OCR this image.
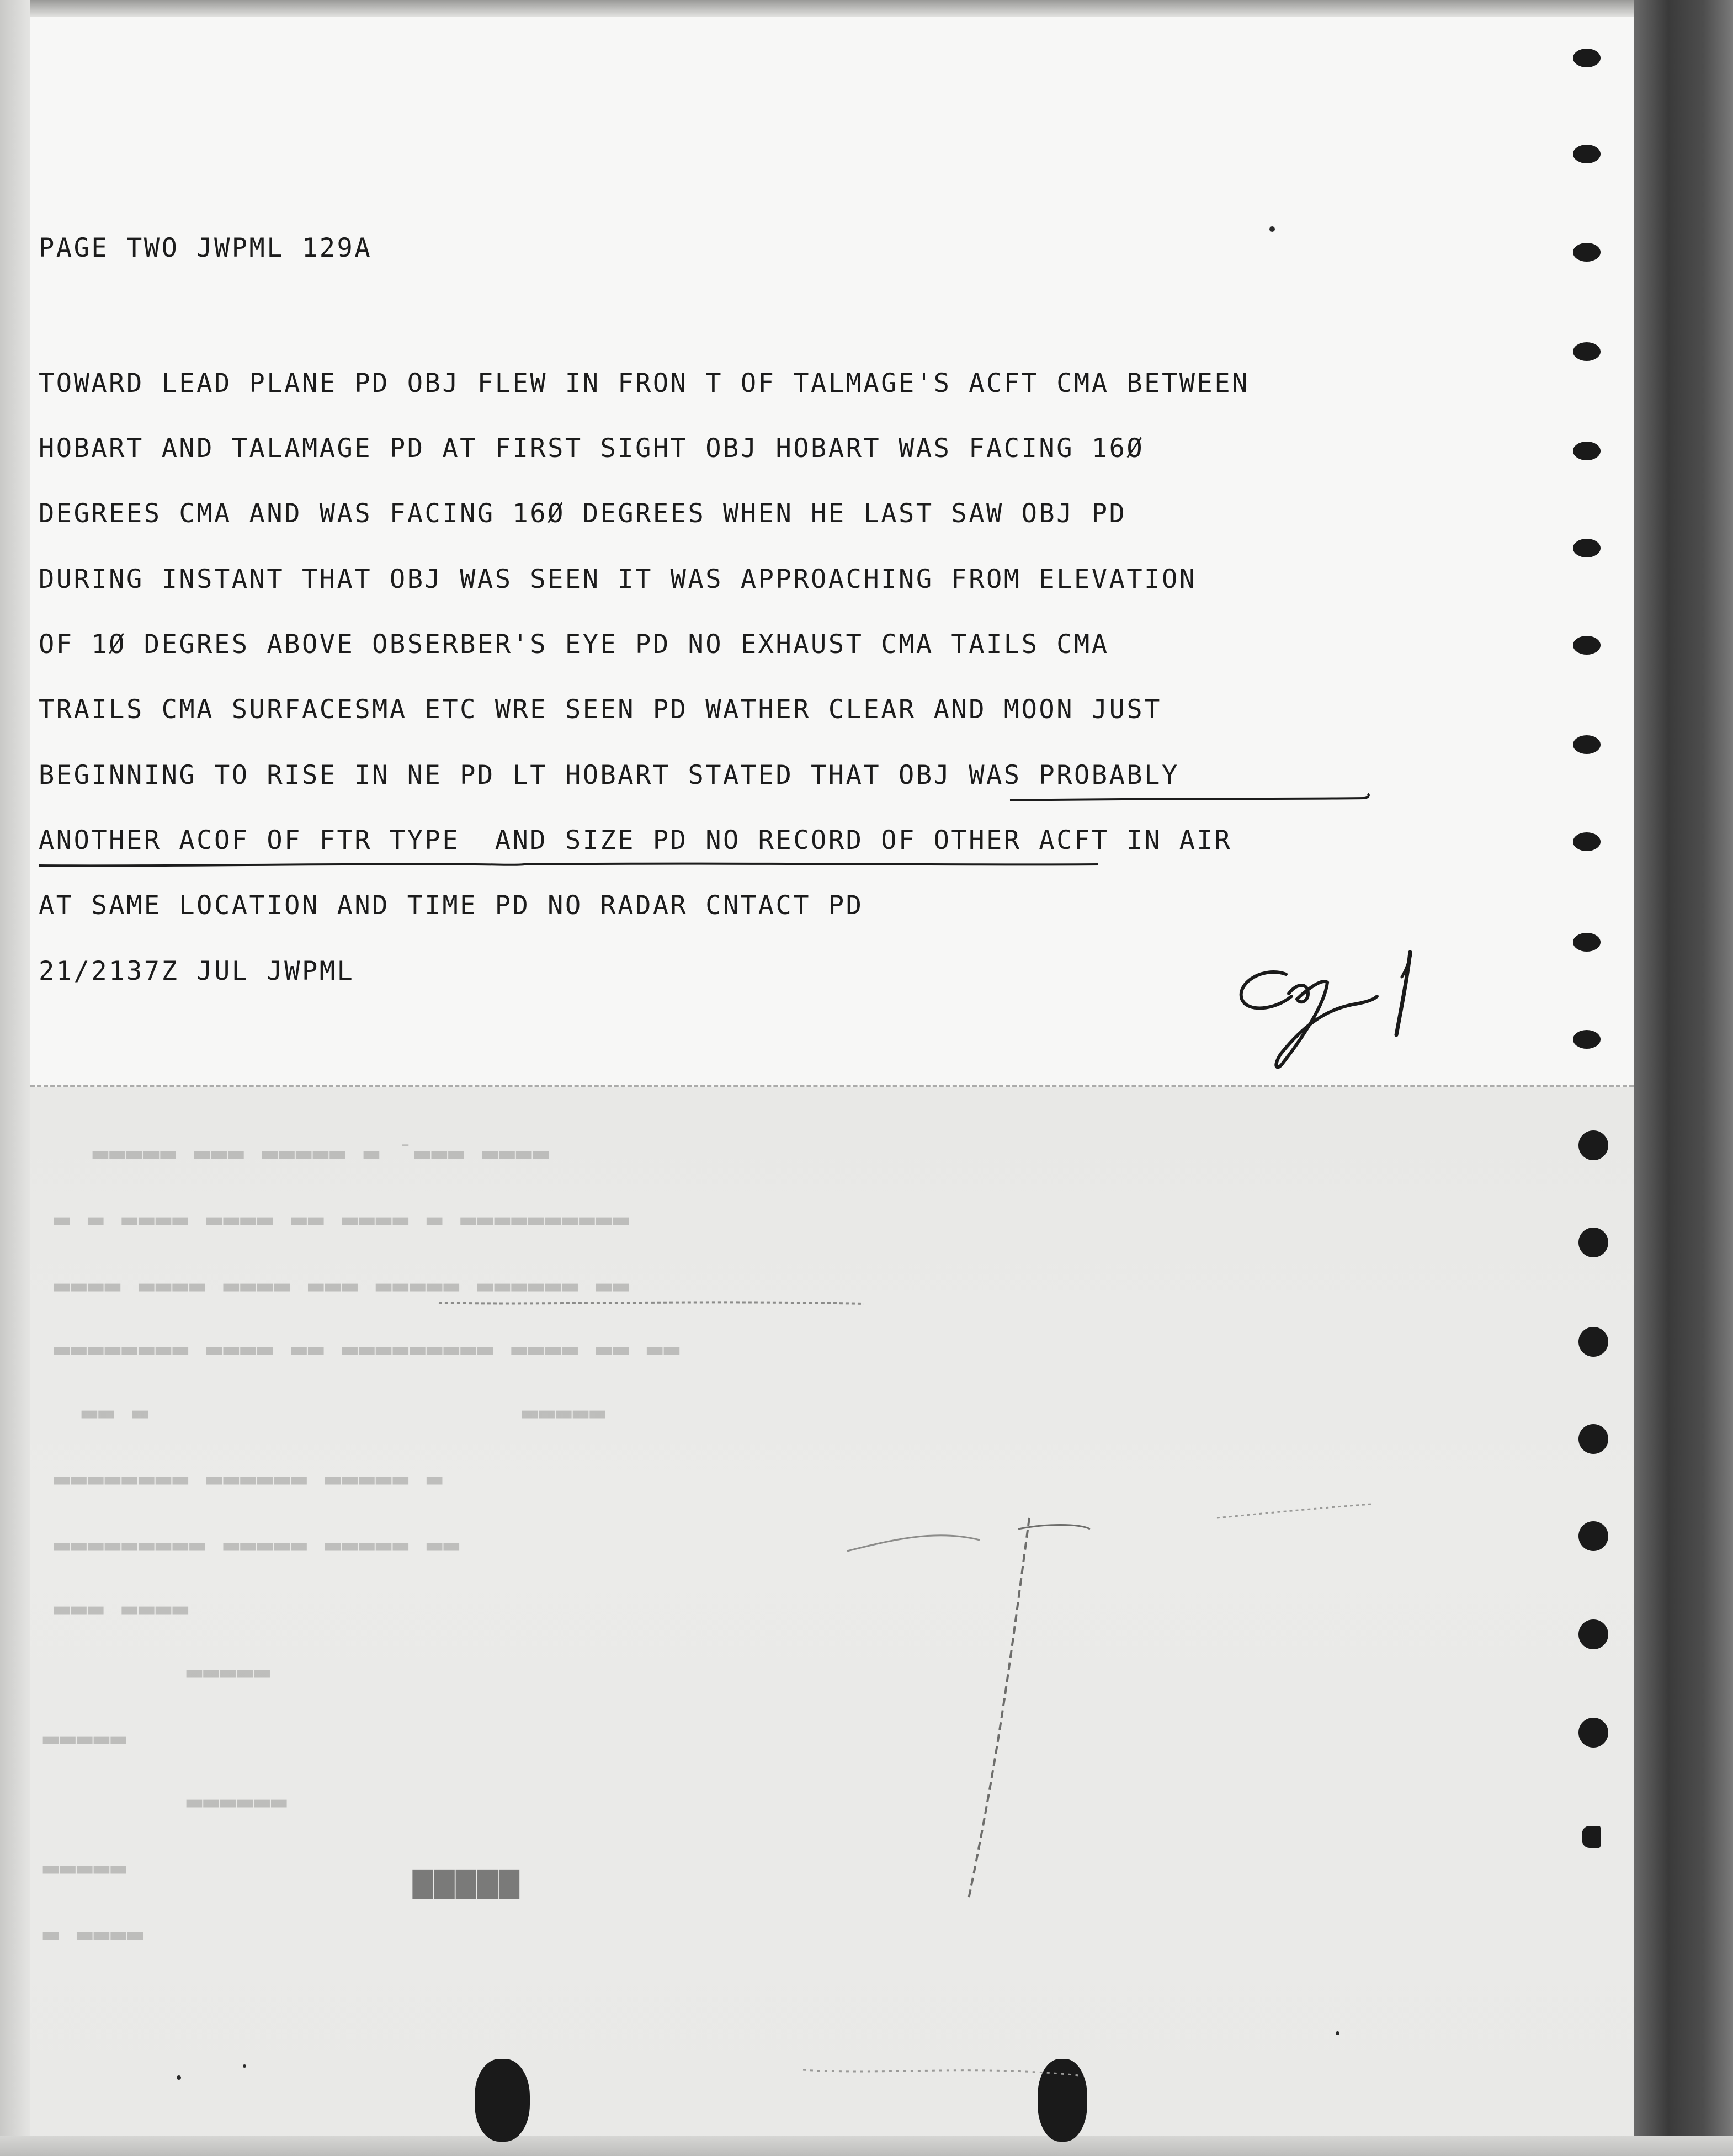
PAGE TWO JWPML 129A
TOWARD LEAD PLANE PD OBJ FLEW IN FRON T OF TALMAGE'S ACFT CMA BETWEEN
HOBART AND TALAMAGE PD AT FIRST SIGHT OBJ HOBART WAS FACING 16Ø
DEGREES CMA AND WAS FACING 16Ø DEGREES WHEN HE LAST SAW OBJ PD
DURING INSTANT THAT OBJ WAS SEEN IT WAS APPROACHING FROM ELEVATION
OF 1Ø DEGRES ABOVE OBSERBER'S EYE PD NO EXHAUST CMA TAILS CMA
TRAILS CMA SURFACESMA ETC WRE SEEN PD WATHER CLEAR AND MOON JUST
BEGINNING TO RISE IN NE PD LT HOBART STATED THAT OBJ WAS PROBABLY
ANOTHER ACOF OF FTR TYPE  AND SIZE PD NO RECORD OF OTHER ACFT IN AIR
AT SAME LOCATION AND TIME PD NO RADAR CNTACT PD
21/2137Z JUL JWPML
▂▂▂▂ ▂▂▂- ▂ ▂▂▂▂▂ ▂▂▂ ▂▂▂▂▂
▂▂▂▂▂▂▂▂▂▂ ▂ ▂▂▂▂ ▂▂ ▂▂▂▂ ▂▂▂▂ ▂ ▂
▂▂ ▂▂▂▂▂▂ ▂▂▂▂▂ ▂▂▂ ▂▂▂▂ ▂▂▂▂ ▂▂▂▂
▂▂ ▂▂ ▂▂▂▂ ▂▂▂▂▂▂▂▂▂ ▂▂ ▂▂▂▂ ▂▂▂▂▂▂▂▂
▂▂▂▂▂                      ▂ ▂▂
▂ ▂▂▂▂▂ ▂▂▂▂▂▂ ▂▂▂▂▂▂▂▂
▂▂ ▂▂▂▂▂ ▂▂▂▂▂ ▂▂▂▂▂▂▂▂▂
▂▂▂▂ ▂▂▂
▂▂▂▂▂
▂▂▂▂▂
▂▂▂▂▂▂
▂▂▂▂▂
▂▂▂▂ ▂
▆▆▆▆▆
